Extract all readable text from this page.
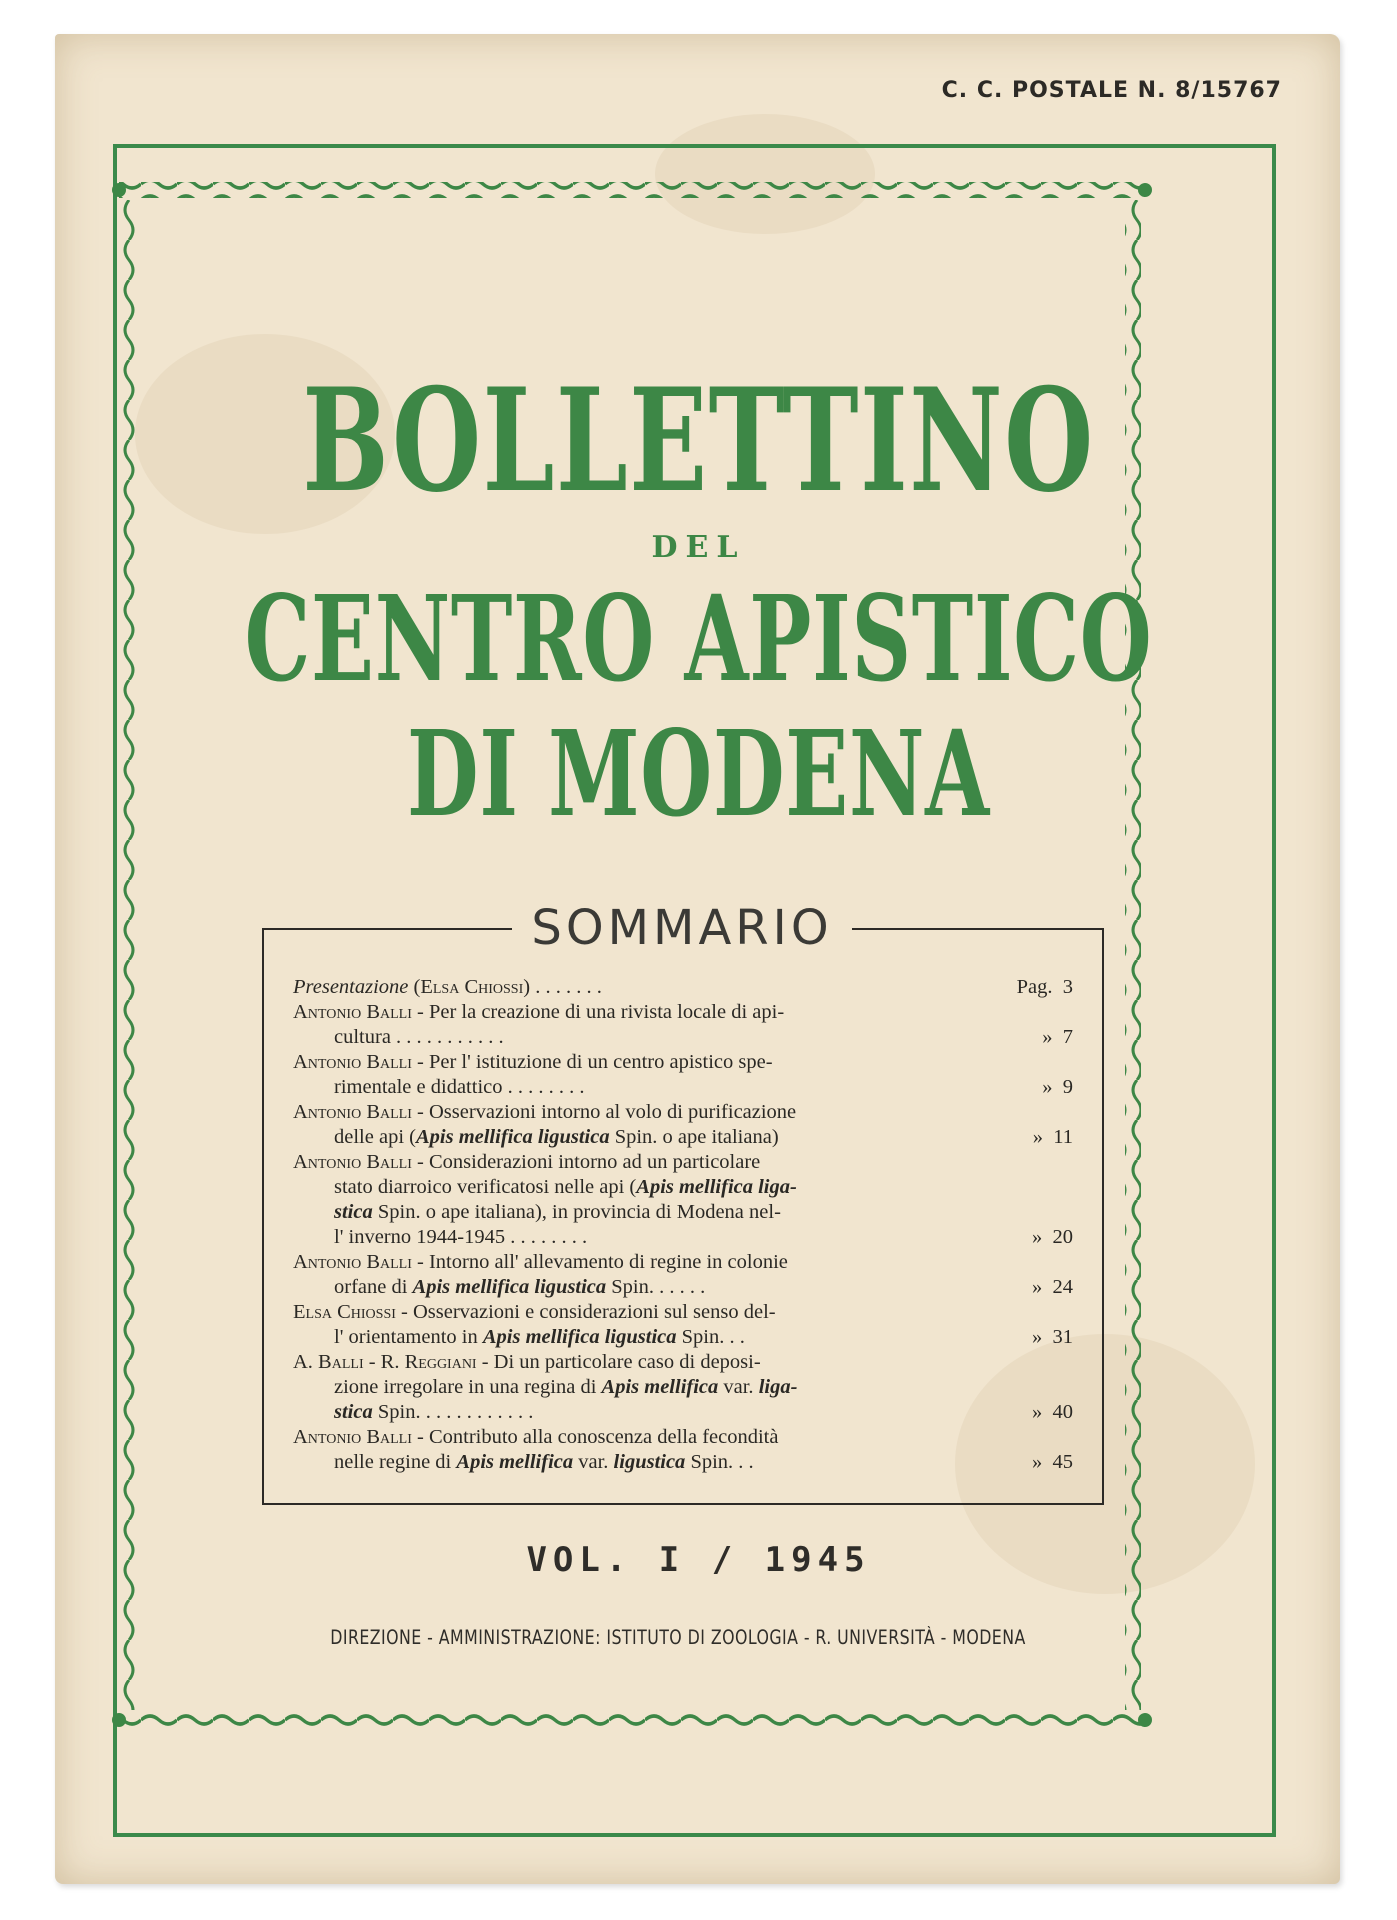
C. C. POSTALE N. 8/15767
BOLLETTINO
DEL
CENTRO APISTICO
DI MODENA
SOMMARIO
Presentazione (Elsa Chiossi) . . . . . . .	Pag.  3
Antonio Balli - Per la creazione di una rivista locale di api-
cultura . . . . . . . . . . .	»  7
Antonio Balli - Per l' istituzione di un centro apistico spe-
rimentale e didattico . . . . . . . .	»  9
Antonio Balli - Osservazioni intorno al volo di purificazione
delle api (Apis mellifica ligustica Spin. o ape italiana)	»  11
Antonio Balli - Considerazioni intorno ad un particolare
stato diarroico verificatosi nelle api (Apis mellifica liga-
stica Spin. o ape italiana), in provincia di Modena nel-
l' inverno 1944-1945 . . . . . . . .	»  20
Antonio Balli - Intorno all' allevamento di regine in colonie
orfane di Apis mellifica ligustica Spin. . . . . .	»  24
Elsa Chiossi - Osservazioni e considerazioni sul senso del-
l' orientamento in Apis mellifica ligustica Spin. . .	»  31
A. Balli - R. Reggiani - Di un particolare caso di deposi-
zione irregolare in una regina di Apis mellifica var. liga-
stica Spin. . . . . . . . . . . .	»  40
Antonio Balli - Contributo alla conoscenza della fecondità
nelle regine di Apis mellifica var. ligustica Spin. . .	»  45
VOL. I / 1945
DIREZIONE - AMMINISTRAZIONE: ISTITUTO DI ZOOLOGIA - R. UNIVERSITÀ - MODENA
